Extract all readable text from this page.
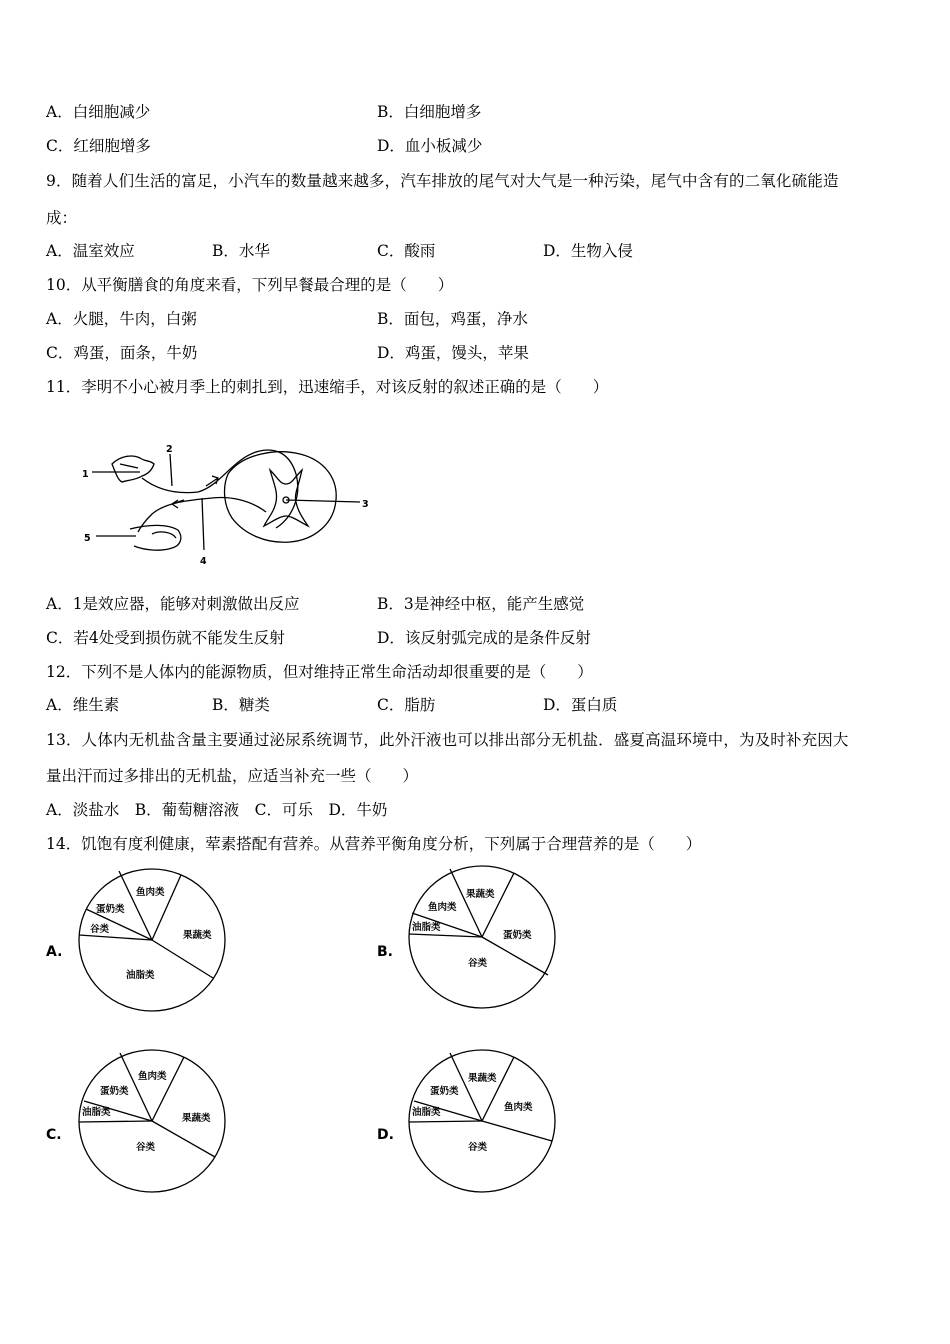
A．白细胞减少	B．白细胞增多
C．红细胞增多	D．血小板减少
9．随着人们生活的富足，小汽车的数量越来越多，汽车排放的尾气对大气是一种污染，尾气中含有的二氧化硫能造
成：
A．温室效应	B．水华	C．酸雨	D．生物入侵
10．从平衡膳食的角度来看，下列早餐最合理的是（　　）
A．火腿，牛肉，白粥	B．面包，鸡蛋，净水
C．鸡蛋，面条，牛奶	D．鸡蛋，馒头，苹果
11．李明不小心被月季上的刺扎到，迅速缩手，对该反射的叙述正确的是（　　）
1
2
3
4
5
A．1是效应器，能够对刺激做出反应	B．3是神经中枢，能产生感觉
C．若4处受到损伤就不能发生反射	D．该反射弧完成的是条件反射
12．下列不是人体内的能源物质，但对维持正常生命活动却很重要的是（　　）
A．维生素	B．糖类	C．脂肪	D．蛋白质
13．人体内无机盐含量主要通过泌尿系统调节，此外汗液也可以排出部分无机盐．盛夏高温环境中，为及时补充因大
量出汗而过多排出的无机盐，应适当补充一些（　　）
A．淡盐水　B．葡萄糖溶液　C．可乐　D．牛奶
14．饥饱有度利健康，荤素搭配有营养。从营养平衡角度分析，下列属于合理营养的是（　　）
A.
鱼肉类
果蔬类
油脂类
谷类
蛋奶类
B.
果蔬类
蛋奶类
谷类
油脂类
鱼肉类
C.
鱼肉类
果蔬类
谷类
油脂类
蛋奶类
D.
果蔬类
鱼肉类
谷类
油脂类
蛋奶类
